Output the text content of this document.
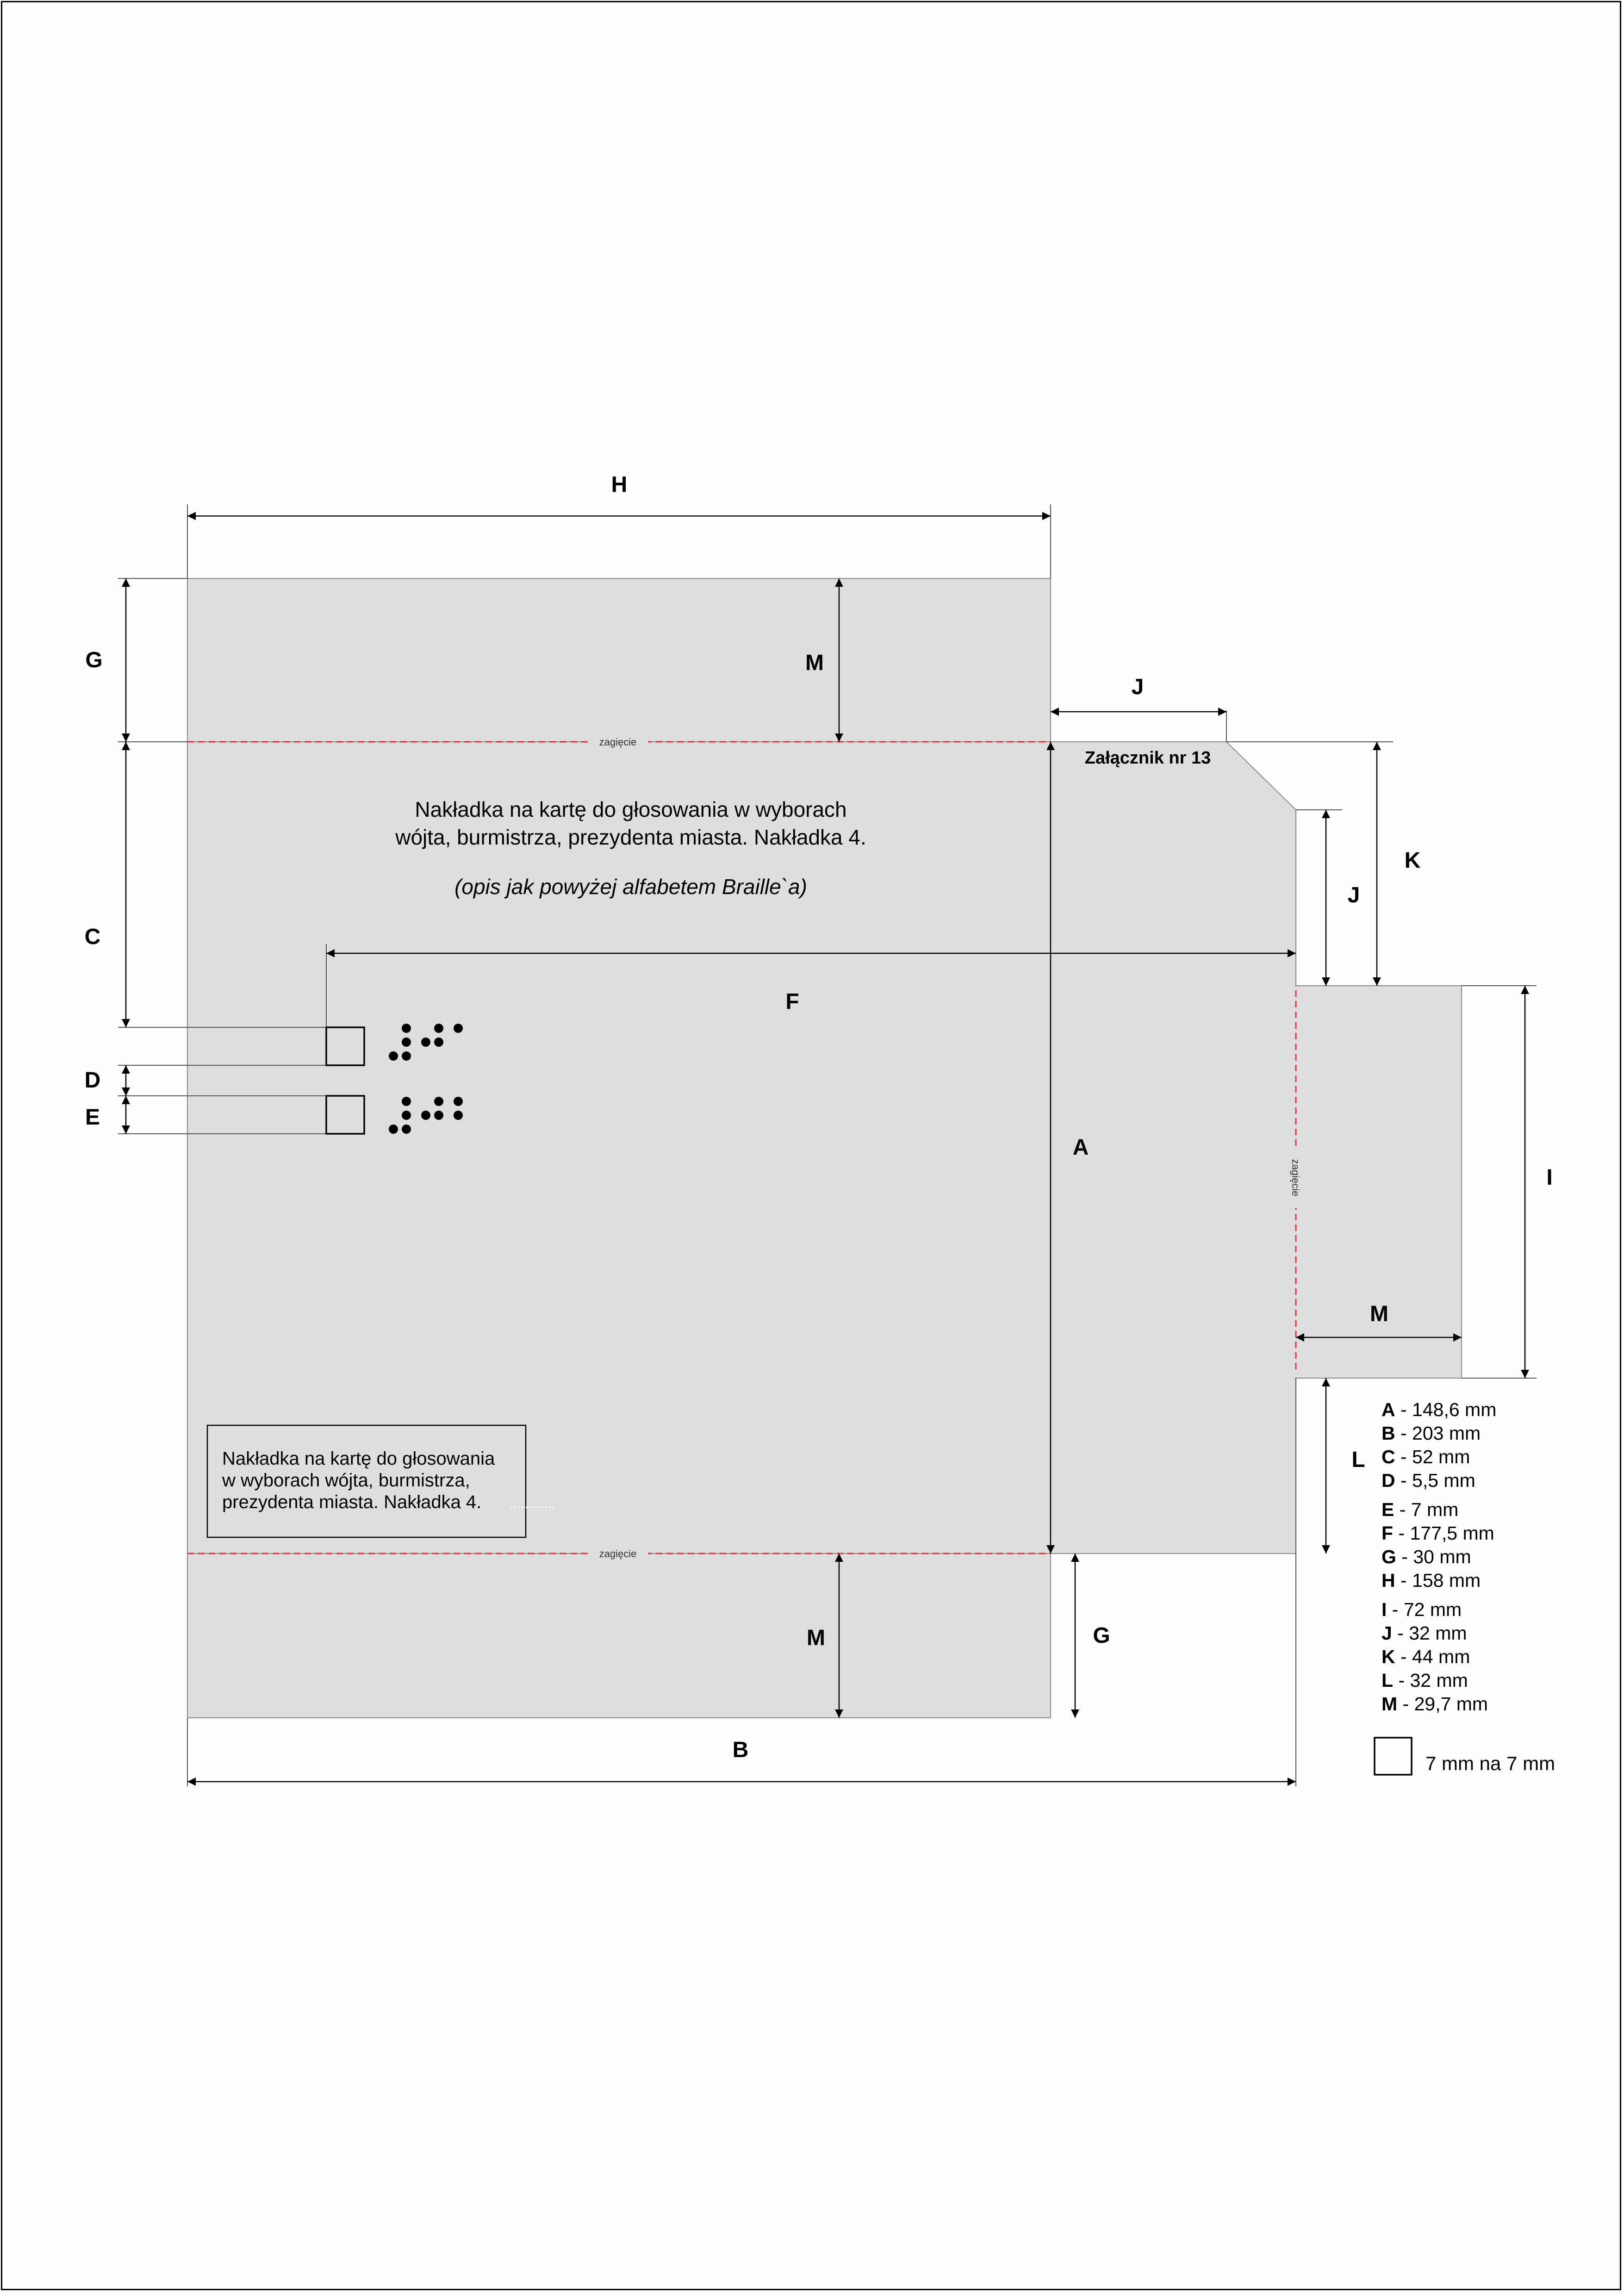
zagięcie
zagięcie
zagięcie
H
G
C
D
E
M
J
J
K
F
A
I
M
L
M	G
B
Załącznik nr 13
Nakładka na kartę do głosowania w wyborach
wójta, burmistrza, prezydenta miasta. Nakładka 4.
(opis jak powyżej alfabetem Braille`a)
Nakładka na kartę do głosowania
w wyborach wójta, burmistrza,
prezydenta miasta. Nakładka 4. ............
A - 148,6 mm
B - 203 mm
C - 52 mm
D - 5,5 mm
E - 7 mm
F - 177,5 mm
G - 30 mm
H - 158 mm
I - 72 mm
J - 32 mm
K - 44 mm
L - 32 mm
M - 29,7 mm
7 mm na 7 mm
